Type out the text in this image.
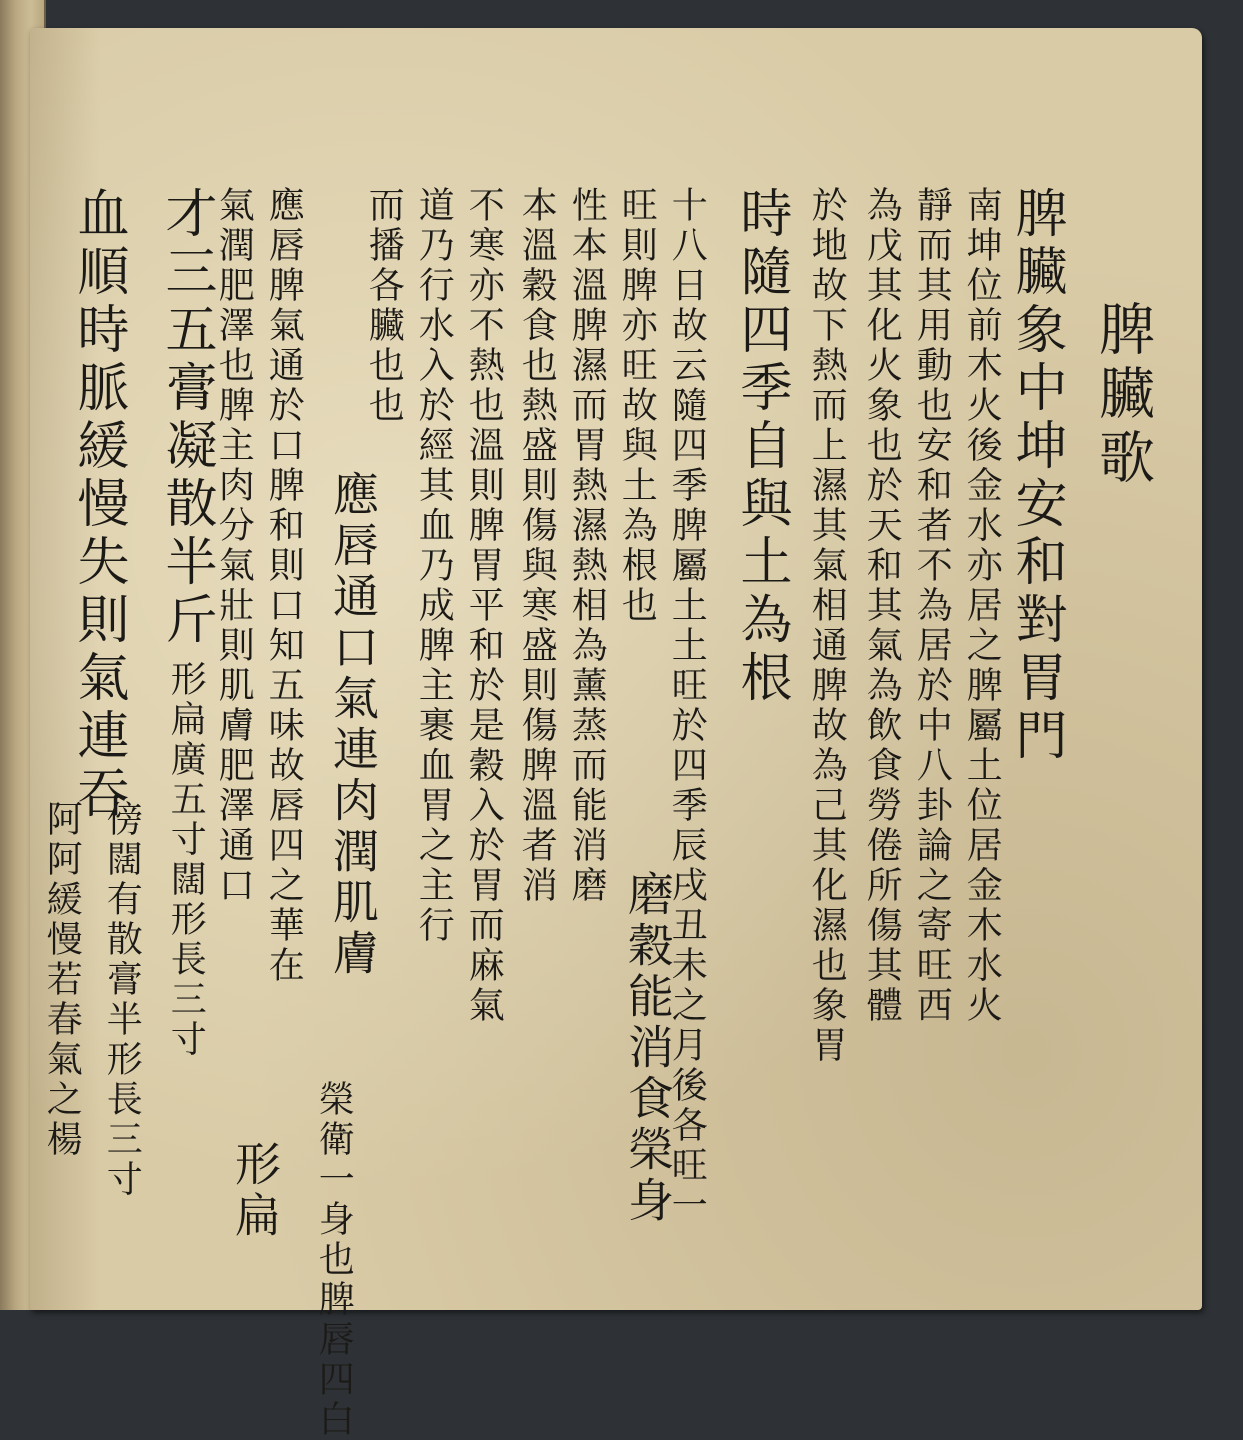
脾臟歌
脾臟象中坤安和對胃門
南坤位前木火後金水亦居之脾屬土位居金木水火
靜而其用動也安和者不為居於中八卦論之寄旺西
為戊其化火象也於天和其氣為飲食勞倦所傷其體
於地故下熱而上濕其氣相通脾故為己其化濕也象胃
時隨四季自與土為根
十八日故云隨四季脾屬土土旺於四季辰戌丑未之月後各旺一
旺則脾亦旺故與土為根也
性本溫脾濕而胃熱濕熱相為薰蒸而能消磨
本溫穀食也熱盛則傷與寒盛則傷脾溫者消
磨穀能消食榮身
不寒亦不熱也溫則脾胃平和於是穀入於胃而麻氣
道乃行水入於經其血乃成脾主裹血胃之主行
而播各臟也也
應唇通口氣連肉潤肌膚
榮衛一身也脾唇四白
應唇脾氣通於口脾和則口知五味故唇四之華在
氣潤肥澤也脾主肉分氣壯則肌膚肥澤通口
形扁
形扁廣五寸闊形長三寸
才三五膏凝散半斤
傍闊有散膏半形長三寸
血順時脈緩慢失則氣連吞
阿阿緩慢若春氣之楊
